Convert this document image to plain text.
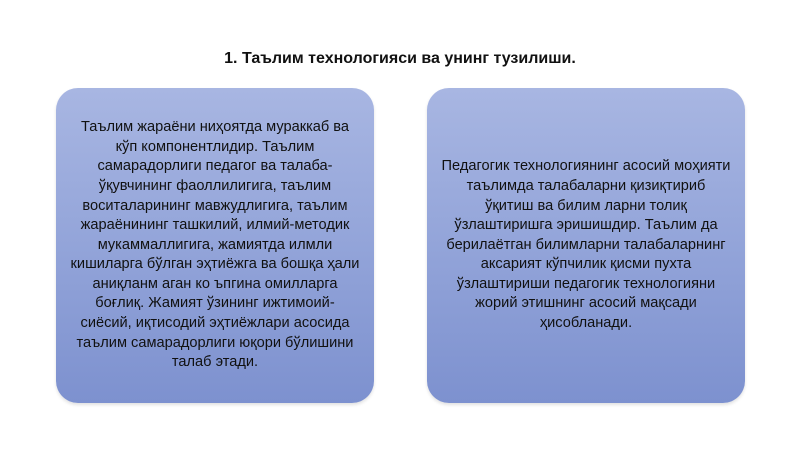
1. Таълим технологияси ва унинг тузилиши.

Таълим жараёни ниҳоятда мураккаб ва кўп компонентлидир. Таълим самарадорлиги педагог ва талаба-ўқувчининг фаоллилигига, таълим воситаларининг мавжудлигига, таълим жараёнининг ташкилий, илмий-методик мукаммаллигига, жамиятда илмли кишиларга бўлган эҳтиёжга ва бошқа ҳали аниқланм аган ко ъпгина омилларга боғлиқ. Жамият ўзининг ижтимоий-сиёсий, иқтисодий эҳтиёжлари асосида таълим самарадорлиги юқори бўлишини талаб этади.

Педагогик технологиянинг асосий моҳияти таълимда талабаларни қизиқтириб ўқитиш ва билим ларни толиқ ўзлаштиришга эришишдир. Таълим да берилаётган билимларни талабаларнинг аксарият кўпчилик қисми пухта ўзлаштириши педагогик технологияни жорий этишнинг асосий мақсади ҳисобланади.
